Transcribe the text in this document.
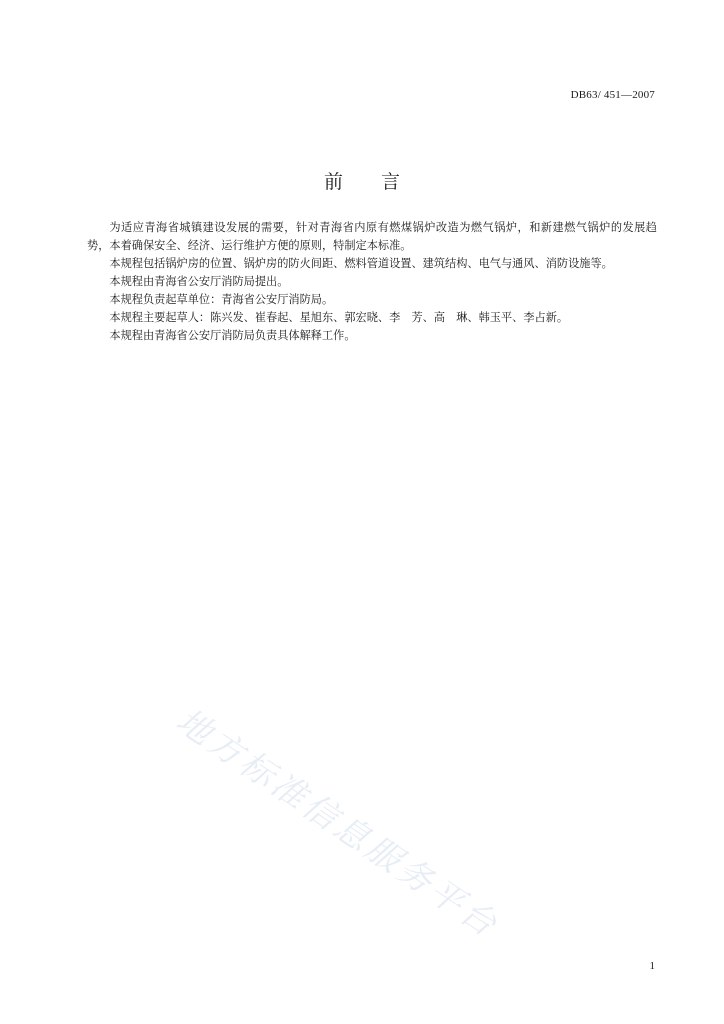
DB63/ 451—2007
前言

为适应青海省城镇建设发展的需要，针对青海省内原有燃煤锅炉改造为燃气锅炉，和新建燃气锅炉的发展趋势，本着确保安全、经济、运行维护方便的原则，特制定本标准。

本规程包括锅炉房的位置、锅炉房的防火间距、燃料管道设置、建筑结构、电气与通风、消防设施等。

本规程由青海省公安厅消防局提出。

本规程负责起草单位：青海省公安厅消防局。

本规程主要起草人：陈兴发、崔春起、星旭东、郭宏晓、李　芳、高　琳、韩玉平、李占新。

本规程由青海省公安厅消防局负责具体解释工作。

地方标准信息服务平台
1
